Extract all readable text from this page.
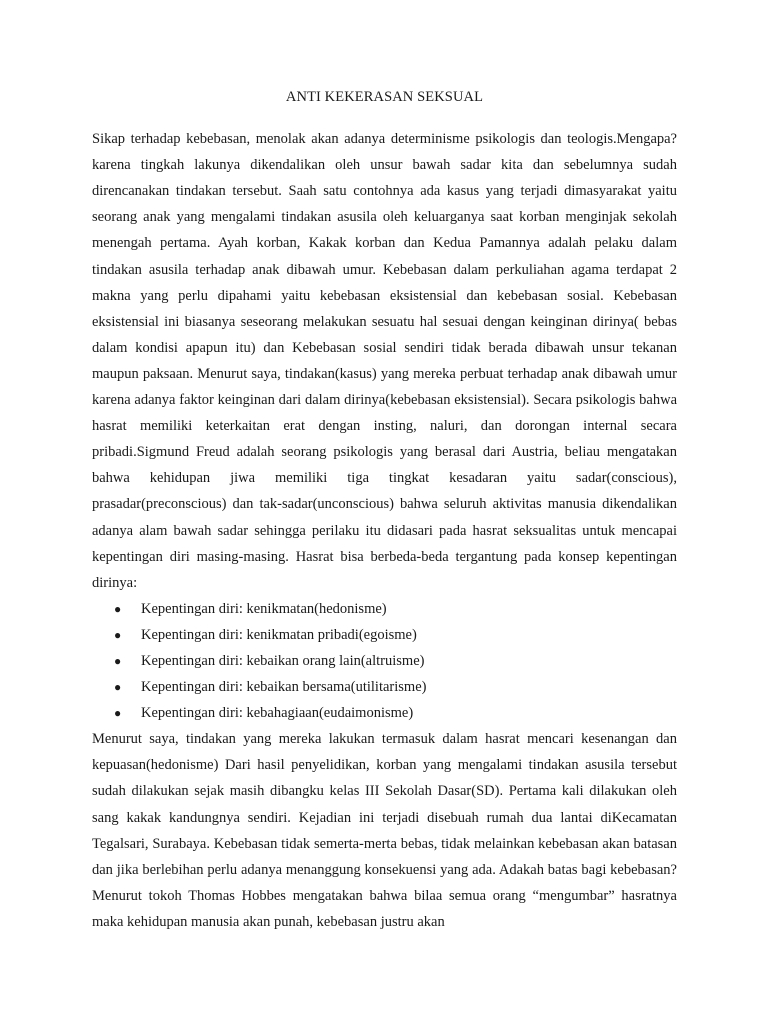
ANTI KEKERASAN SEKSUAL

Sikap terhadap kebebasan, menolak akan adanya determinisme psikologis dan teologis.Mengapa? karena tingkah lakunya dikendalikan oleh unsur bawah sadar kita dan sebelumnya sudah direncanakan tindakan tersebut. Saah satu contohnya ada kasus yang terjadi dimasyarakat yaitu seorang anak yang mengalami tindakan asusila oleh keluarganya saat korban menginjak sekolah menengah pertama. Ayah korban, Kakak korban dan Kedua Pamannya adalah pelaku dalam tindakan asusila terhadap anak dibawah umur. Kebebasan dalam perkuliahan agama terdapat 2 makna yang perlu dipahami yaitu kebebasan eksistensial dan kebebasan sosial. Kebebasan eksistensial ini biasanya seseorang melakukan sesuatu hal sesuai dengan keinginan dirinya( bebas dalam kondisi apapun itu) dan Kebebasan sosial sendiri tidak berada dibawah unsur tekanan maupun paksaan. Menurut saya, tindakan(kasus) yang mereka perbuat terhadap anak dibawah umur karena adanya faktor keinginan dari dalam dirinya(kebebasan eksistensial). Secara psikologis bahwa hasrat memiliki keterkaitan erat dengan insting, naluri, dan dorongan internal secara pribadi.Sigmund Freud adalah seorang psikologis yang berasal dari Austria, beliau mengatakan bahwa kehidupan jiwa memiliki tiga tingkat kesadaran yaitu sadar(conscious), prasadar(preconscious) dan tak-sadar(unconscious) bahwa seluruh aktivitas manusia dikendalikan adanya alam bawah sadar sehingga perilaku itu didasari pada hasrat seksualitas untuk mencapai kepentingan diri masing-masing. Hasrat bisa berbeda-beda tergantung pada konsep kepentingan dirinya:

●	Kepentingan diri: kenikmatan(hedonisme)
●	Kepentingan diri: kenikmatan pribadi(egoisme)
●	Kepentingan diri: kebaikan orang lain(altruisme)
●	Kepentingan diri: kebaikan bersama(utilitarisme)
●	Kepentingan diri: kebahagiaan(eudaimonisme)

Menurut saya, tindakan yang mereka lakukan termasuk dalam hasrat mencari kesenangan dan kepuasan(hedonisme) Dari hasil penyelidikan, korban yang mengalami tindakan asusila tersebut sudah dilakukan sejak masih dibangku kelas III Sekolah Dasar(SD). Pertama kali dilakukan oleh sang kakak kandungnya sendiri. Kejadian ini terjadi disebuah rumah dua lantai diKecamatan Tegalsari, Surabaya. Kebebasan tidak semerta-merta bebas, tidak melainkan kebebasan akan batasan dan jika berlebihan perlu adanya menanggung konsekuensi yang ada. Adakah batas bagi kebebasan? Menurut tokoh Thomas Hobbes mengatakan bahwa bilaa semua orang “mengumbar” hasratnya maka kehidupan manusia akan punah, kebebasan justru akan
